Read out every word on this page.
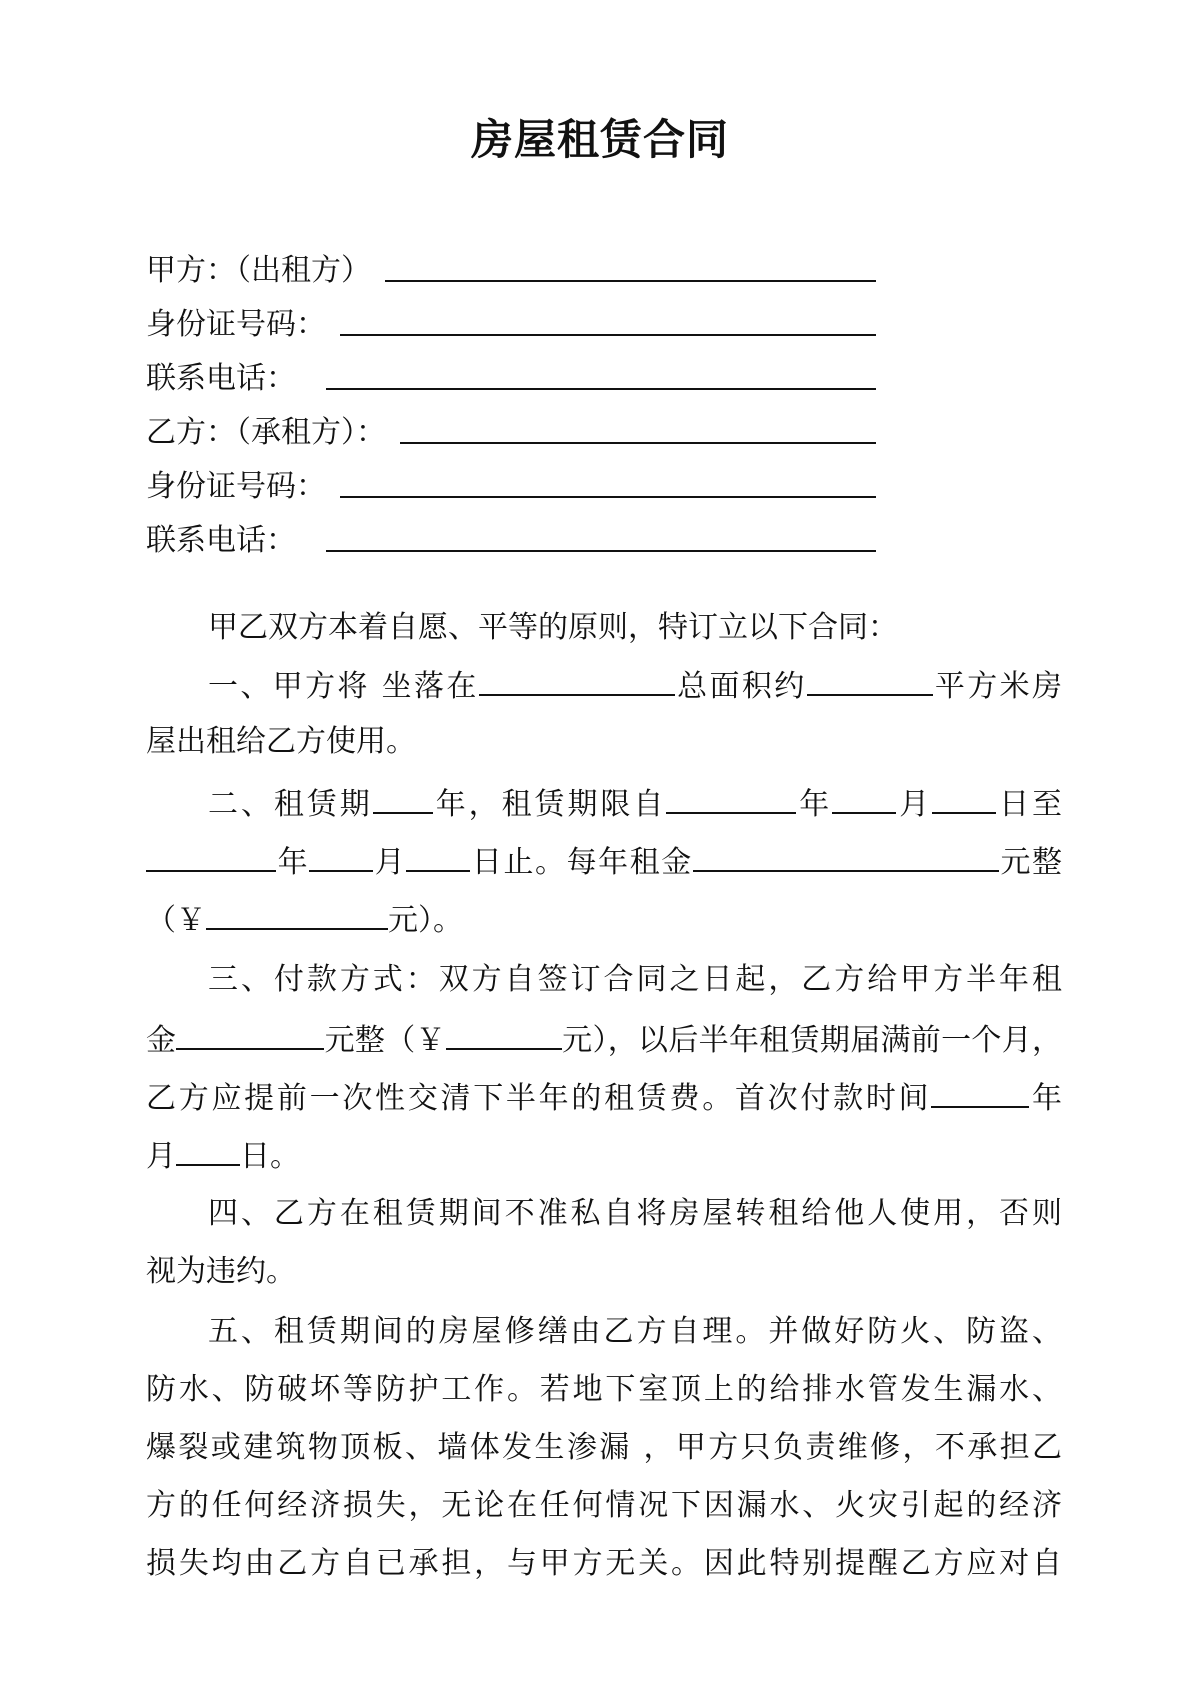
房屋租赁合同
甲方：（出租方）
身份证号码：
联系电话：
乙方：（承租方）：
身份证号码：
联系电话：
甲乙双方本着自愿、平等的原则，特订立以下合同：
一、甲方将 坐落在	总面积约	平方米房
屋出租给乙方使用。
二、租赁期 年，租赁期限自	年 月 日至
年 月 日止。每年租金	元整
（￥	元）。
三、付款方式：双方自签订合同之日起，乙方给甲方半年租
金	元整（￥	元），以后半年租赁期届满前一个月，
乙方应提前一次性交清下半年的租赁费。首次付款时间	年
月 日。
四、乙方在租赁期间不准私自将房屋转租给他人使用，否则
视为违约。
五、租赁期间的房屋修缮由乙方自理。并做好防火、防盗、
防水、防破坏等防护工作。若地下室顶上的给排水管发生漏水、
爆裂或建筑物顶板、墙体发生渗漏 ，甲方只负责维修，不承担乙
方的任何经济损失，无论在任何情况下因漏水、火灾引起的经济
损失均由乙方自已承担，与甲方无关。因此特别提醒乙方应对自
